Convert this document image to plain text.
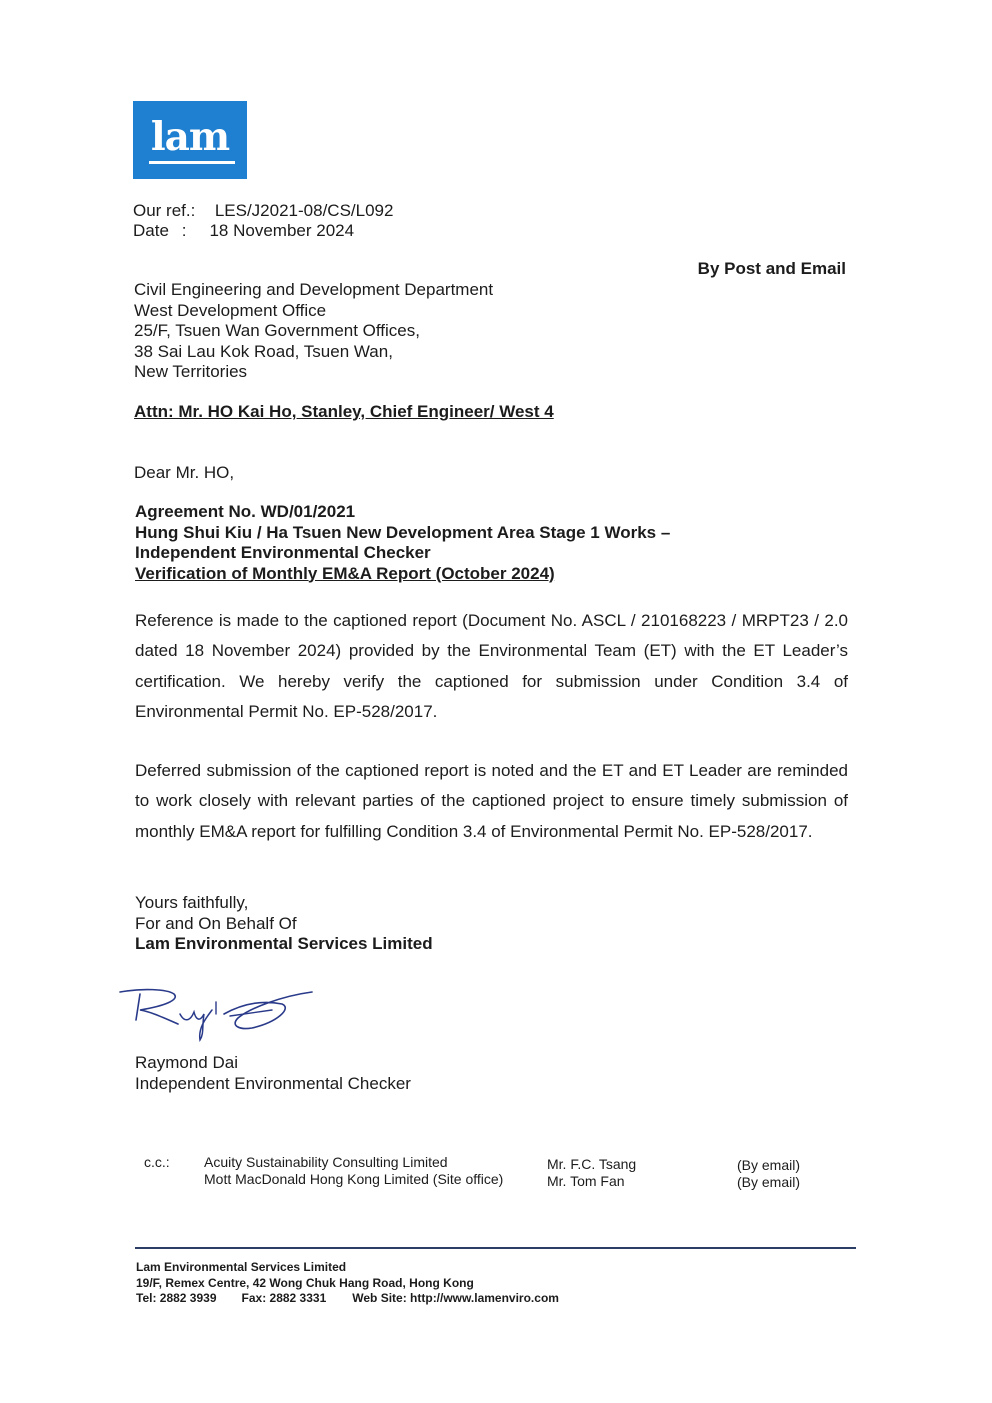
lam
Our ref.: LES/J2021-08/CS/L092
Date : 18 November 2024
By Post and Email
Civil Engineering and Development Department
West Development Office
25/F, Tsuen Wan Government Offices,
38 Sai Lau Kok Road, Tsuen Wan,
New Territories
Attn: Mr. HO Kai Ho, Stanley, Chief Engineer/ West 4
Dear Mr. HO,
Agreement No. WD/01/2021
Hung Shui Kiu / Ha Tsuen New Development Area Stage 1 Works –
Independent Environmental Checker
Verification of Monthly EM&A Report (October 2024)
Reference is made to the captioned report (Document No. ASCL / 210168223 / MRPT23 / 2.0 dated 18 November 2024) provided by the Environmental Team (ET) with the ET Leader’s certification. We hereby verify the captioned for submission under Condition 3.4 of Environmental Permit No. EP-528/2017.
Deferred submission of the captioned report is noted and the ET and ET Leader are reminded to work closely with relevant parties of the captioned project to ensure timely submission of monthly EM&A report for fulfilling Condition 3.4 of Environmental Permit No. EP-528/2017.
Yours faithfully,
For and On Behalf Of
Lam Environmental Services Limited
Raymond Dai
Independent Environmental Checker
c.c.: Acuity Sustainability Consulting Limited
Mott MacDonald Hong Kong Limited (Site office)
Mr. F.C. Tsang
Mr. Tom Fan
(By email)
(By email)
Lam Environmental Services Limited
19/F, Remex Centre, 42 Wong Chuk Hang Road, Hong Kong
Tel: 2882 3939 Fax: 2882 3331 Web Site: http://www.lamenviro.com
